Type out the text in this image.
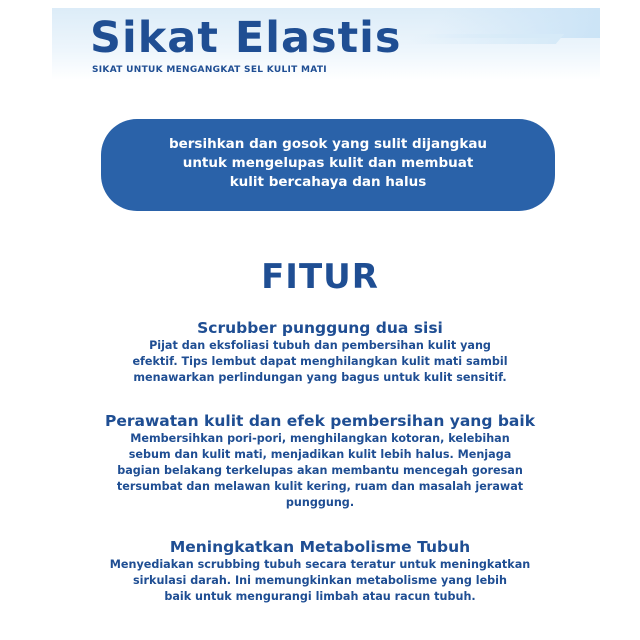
Sikat Elastis

SIKAT UNTUK MENGANGKAT SEL KULIT MATI

bersihkan dan gosok yang sulit dijangkau
untuk mengelupas kulit dan membuat
kulit bercahaya dan halus
FITUR
Scrubber punggung dua sisi
Pijat dan eksfoliasi tubuh dan pembersihan kulit yang
efektif. Tips lembut dapat menghilangkan kulit mati sambil
menawarkan perlindungan yang bagus untuk kulit sensitif.
Perawatan kulit dan efek pembersihan yang baik
Membersihkan pori-pori, menghilangkan kotoran, kelebihan
sebum dan kulit mati, menjadikan kulit lebih halus. Menjaga
bagian belakang terkelupas akan membantu mencegah goresan
tersumbat dan melawan kulit kering, ruam dan masalah jerawat
punggung.
Meningkatkan Metabolisme Tubuh
Menyediakan scrubbing tubuh secara teratur untuk meningkatkan
sirkulasi darah. Ini memungkinkan metabolisme yang lebih
baik untuk mengurangi limbah atau racun tubuh.
